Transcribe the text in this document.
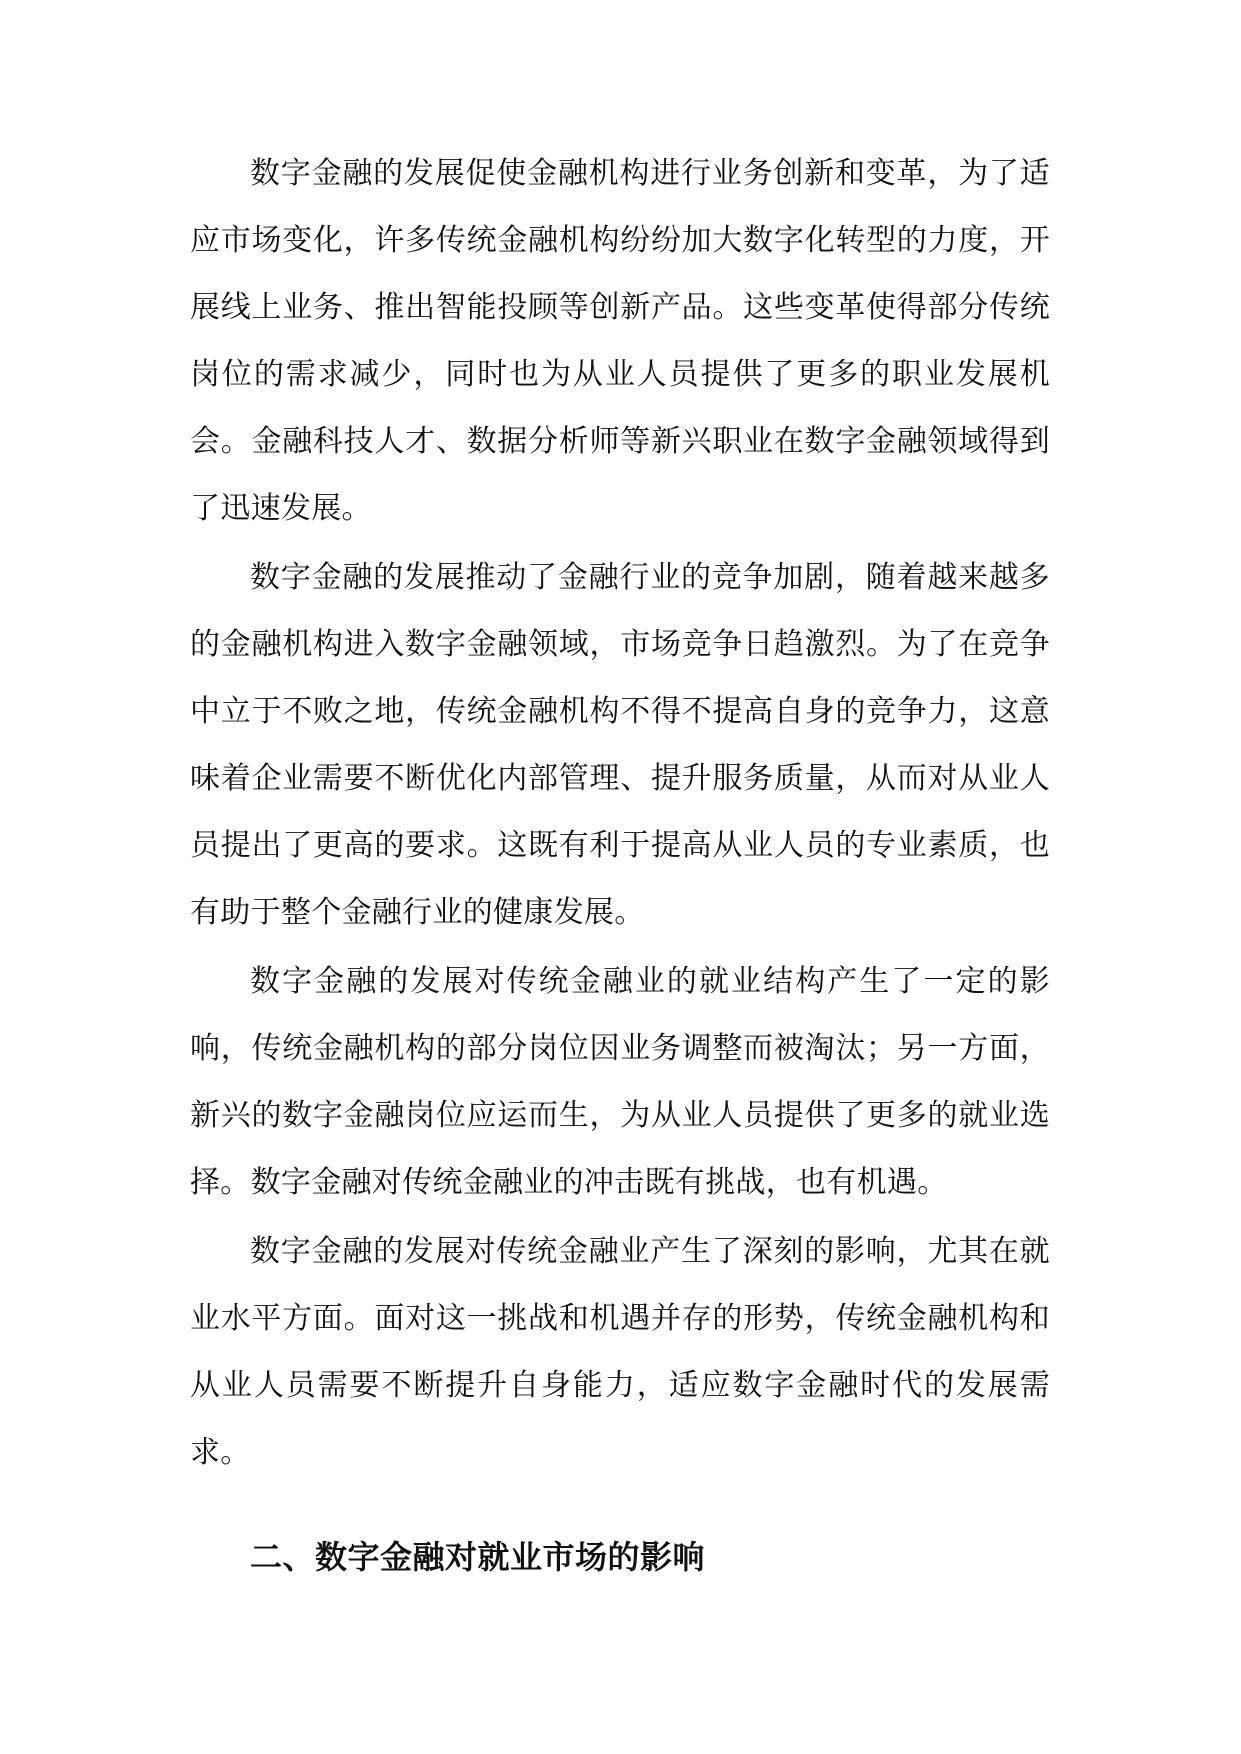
数字金融的发展促使金融机构进行业务创新和变革，为了适应市场变化，许多传统金融机构纷纷加大数字化转型的力度，开展线上业务、推出智能投顾等创新产品。这些变革使得部分传统岗位的需求减少，同时也为从业人员提供了更多的职业发展机会。金融科技人才、数据分析师等新兴职业在数字金融领域得到了迅速发展。

数字金融的发展推动了金融行业的竞争加剧，随着越来越多的金融机构进入数字金融领域，市场竞争日趋激烈。为了在竞争中立于不败之地，传统金融机构不得不提高自身的竞争力，这意味着企业需要不断优化内部管理、提升服务质量，从而对从业人员提出了更高的要求。这既有利于提高从业人员的专业素质，也有助于整个金融行业的健康发展。

数字金融的发展对传统金融业的就业结构产生了一定的影响，传统金融机构的部分岗位因业务调整而被淘汰；另一方面，新兴的数字金融岗位应运而生，为从业人员提供了更多的就业选择。数字金融对传统金融业的冲击既有挑战，也有机遇。

数字金融的发展对传统金融业产生了深刻的影响，尤其在就业水平方面。面对这一挑战和机遇并存的形势，传统金融机构和从业人员需要不断提升自身能力，适应数字金融时代的发展需求。

二、数字金融对就业市场的影响
